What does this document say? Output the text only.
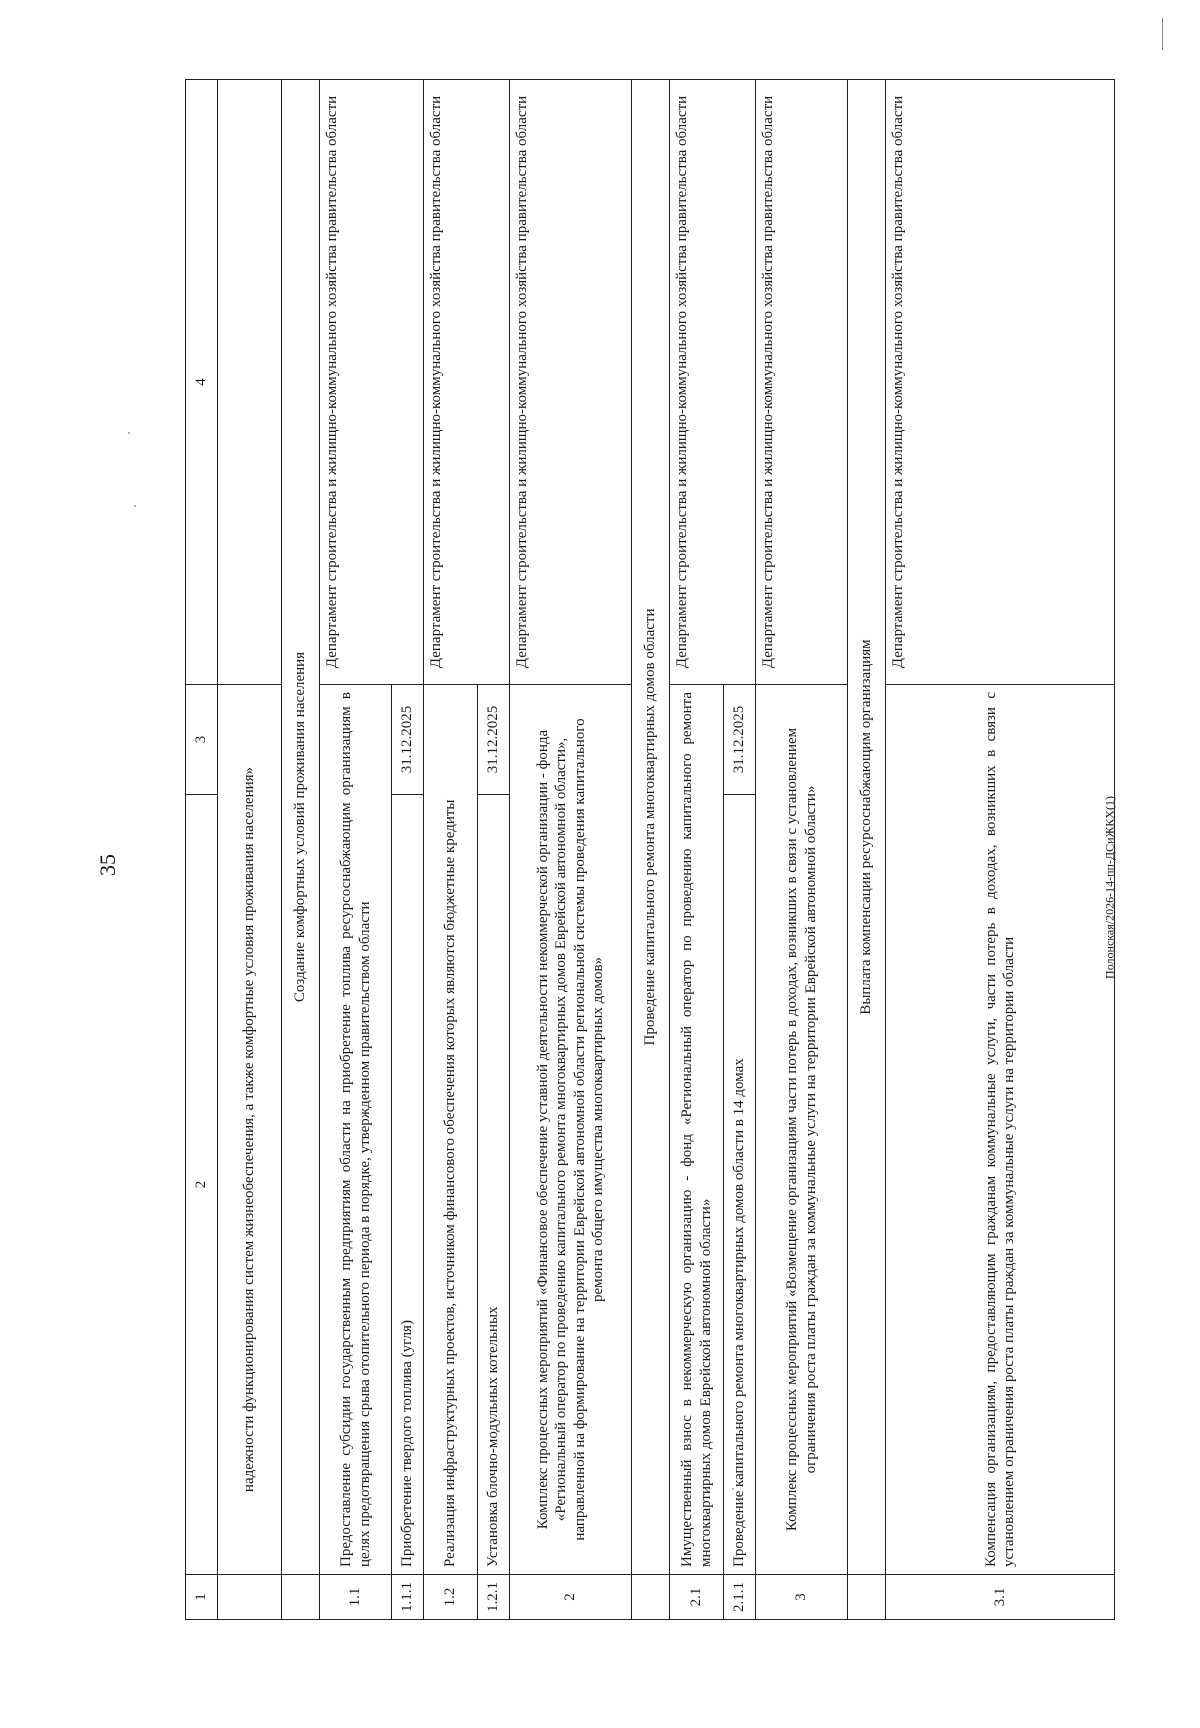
35
1	2	3	4
	надежности функционирования систем жизнеобеспечения, а также комфортные условия проживания населения»		
	Создание комфортных условий проживания населения		
1.1	Предоставление субсидии государственным предприятиям области на приобретение топлива ресурсоснабжающим организациям в целях предотвращения срыва отопительного периода в порядке, утвержденном правительством области		Департамент строительства и жилищно-коммунального хозяйства правительства области
1.1.1	Приобретение твердого топлива (угля)	31.12.2025	
1.2	Реализация инфраструктурных проектов, источником финансового обеспечения которых являются бюджетные кредиты		Департамент строительства и жилищно-коммунального хозяйства правительства области
1.2.1	Установка блочно-модульных котельных	31.12.2025	
2	Комплекс процессных мероприятий «Финансовое обеспечение уставной деятельности некоммерческой организации - фонда «Региональный оператор по проведению капитального ремонта многоквартирных домов Еврейской автономной области», направленной на формирование на территории Еврейской автономной области региональной системы проведения капитального ремонта общего имущества многоквартирных домов»		Департамент строительства и жилищно-коммунального хозяйства правительства области
	Проведение капитального ремонта многоквартирных домов области		
2.1	Имущественный взнос в некоммерческую организацию - фонд «Региональный оператор по проведению капитального ремонта многоквартирных домов Еврейской автономной области»		Департамент строительства и жилищно-коммунального хозяйства правительства области
2.1.1	Проведение капитального ремонта многоквартирных домов области в 14 домах	31.12.2025	
3	Комплекс процессных мероприятий «Возмещение организациям части потерь в доходах, возникших в связи с установлением ограничения роста платы граждан за коммунальные услуги на территории Еврейской автономной области»		Департамент строительства и жилищно-коммунального хозяйства правительства области
	Выплата компенсации ресурсоснабжающим организациям		
3.1	Компенсация организациям, предоставляющим гражданам коммунальные услуги, части потерь в доходах, возникших в связи с установлением ограничения роста платы граждан за коммунальные услуги на территории области		Департамент строительства и жилищно-коммунального хозяйства правительства области
Полонская/2026-14-пп-ДСиЖКХ(1)
